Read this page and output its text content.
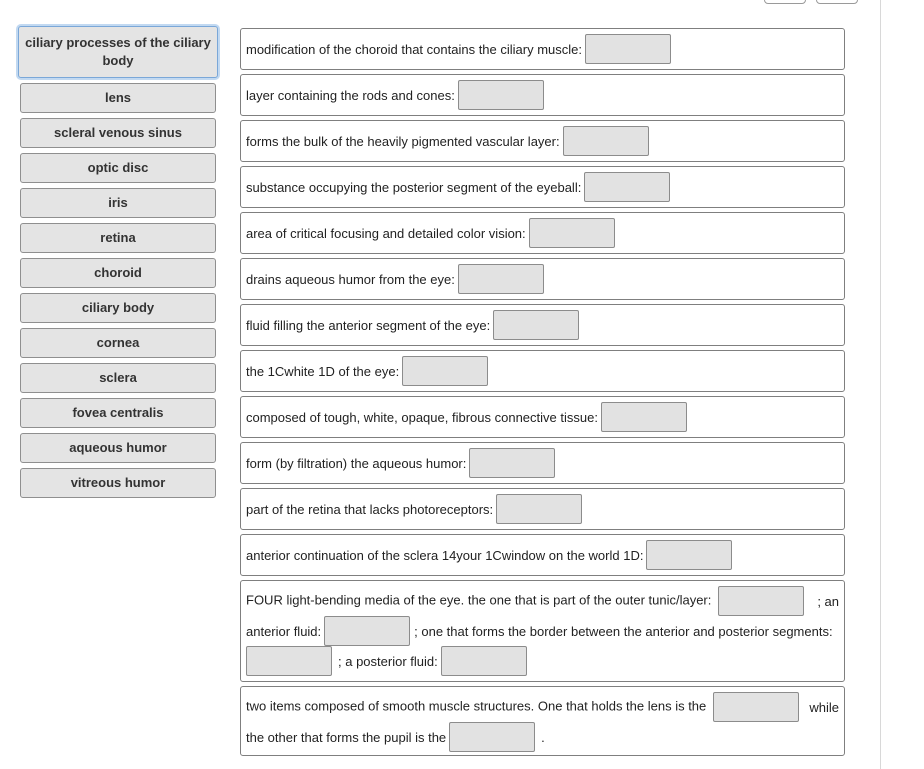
ciliary processes of the ciliary body
lens
scleral venous sinus
optic disc
iris
retina
choroid
ciliary body
cornea
sclera
fovea centralis
aqueous humor
vitreous humor
modification of the choroid that contains the ciliary muscle:
layer containing the rods and cones:
forms the bulk of the heavily pigmented vascular layer:
substance occupying the posterior segment of the eyeball:
area of critical focusing and detailed color vision:
drains aqueous humor from the eye:
fluid filling the anterior segment of the eye:
the 1Cwhite 1D of the eye:
composed of tough, white, opaque, fibrous connective tissue:
form (by filtration) the aqueous humor:
part of the retina that lacks photoreceptors:
anterior continuation of the sclera 14your 1Cwindow on the world 1D:
FOUR light-bending media of the eye. the one that is part of the outer tunic/layer:	; an
anterior fluid:	; one that forms the border between the anterior and posterior segments:
; a posterior fluid:
two items composed of smooth muscle structures. One that holds the lens is the	while
the other that forms the pupil is the	.
